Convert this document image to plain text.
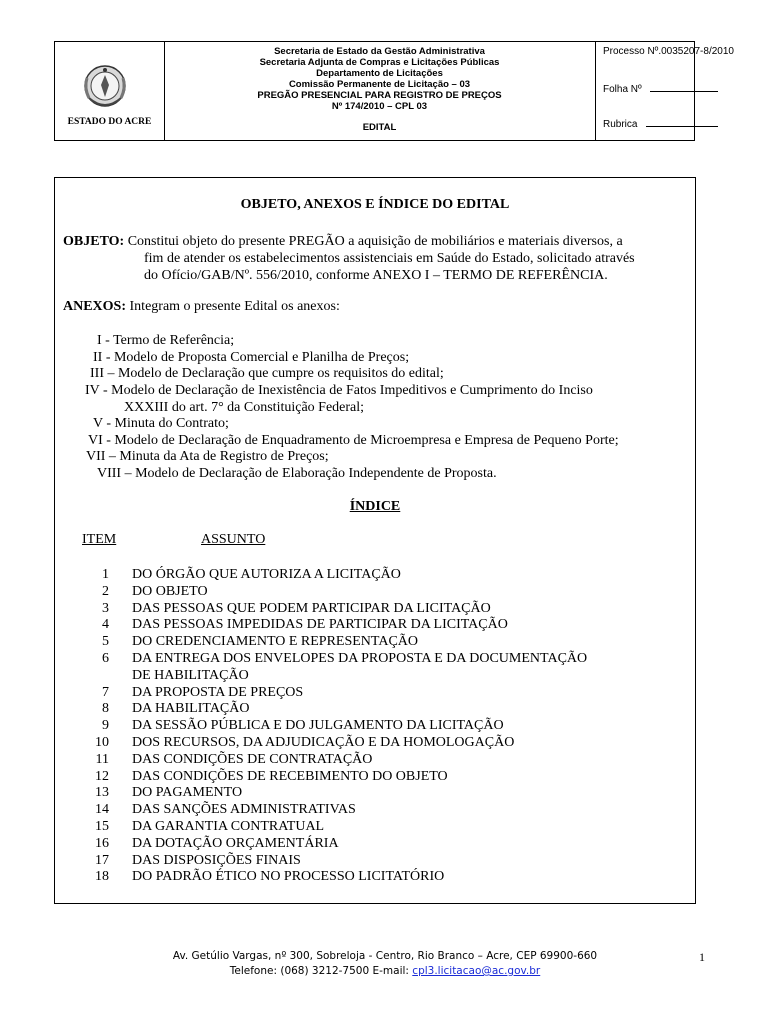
ESTADO DO ACRE
Secretaria de Estado da Gestão Administrativa
Secretaria Adjunta de Compras e Licitações Públicas
Departamento de Licitações
Comissão Permanente de Licitação – 03
PREGÃO PRESENCIAL PARA REGISTRO DE PREÇOS
Nº 174/2010 – CPL 03
EDITAL
Processo Nº.0035207-8/2010
Folha Nº
Rubrica
OBJETO, ANEXOS E ÍNDICE DO EDITAL
OBJETO: Constitui objeto do presente PREGÃO a aquisição de mobiliários e materiais diversos, a
fim de atender os estabelecimentos assistenciais em Saúde do Estado, solicitado através
do Ofício/GAB/Nº. 556/2010, conforme ANEXO I – TERMO DE REFERÊNCIA.
ANEXOS: Integram o presente Edital os anexos:
I - Termo de Referência;
II - Modelo de Proposta Comercial e Planilha de Preços;
III – Modelo de Declaração que cumpre os requisitos do edital;
IV - Modelo de Declaração de Inexistência de Fatos Impeditivos e Cumprimento do Inciso
XXXIII do art. 7° da Constituição Federal;
V - Minuta do Contrato;
VI - Modelo de Declaração de Enquadramento de Microempresa e Empresa de Pequeno Porte;
VII – Minuta da Ata de Registro de Preços;
VIII – Modelo de Declaração de Elaboração Independente de Proposta.
ÍNDICE
ITEM	ASSUNTO
1 DO ÓRGÃO QUE AUTORIZA A LICITAÇÃO
2 DO OBJETO
3 DAS PESSOAS QUE PODEM PARTICIPAR DA LICITAÇÃO
4 DAS PESSOAS IMPEDIDAS DE PARTICIPAR DA LICITAÇÃO
5 DO CREDENCIAMENTO E REPRESENTAÇÃO
6 DA ENTREGA DOS ENVELOPES DA PROPOSTA E DA DOCUMENTAÇÃO
DE HABILITAÇÃO
7 DA PROPOSTA DE PREÇOS
8 DA HABILITAÇÃO
9 DA SESSÃO PÚBLICA E DO JULGAMENTO DA LICITAÇÃO
10 DOS RECURSOS, DA ADJUDICAÇÃO E DA HOMOLOGAÇÃO
11 DAS CONDIÇÕES DE CONTRATAÇÃO
12 DAS CONDIÇÕES DE RECEBIMENTO DO OBJETO
13 DO PAGAMENTO
14 DAS SANÇÕES ADMINISTRATIVAS
15 DA GARANTIA CONTRATUAL
16 DA DOTAÇÃO ORÇAMENTÁRIA
17 DAS DISPOSIÇÕES FINAIS
18 DO PADRÃO ÉTICO NO PROCESSO LICITATÓRIO
Av. Getúlio Vargas, nº 300, Sobreloja - Centro, Rio Branco – Acre, CEP 69900-660
Telefone: (068) 3212-7500 E-mail: cpl3.licitacao@ac.gov.br
1
